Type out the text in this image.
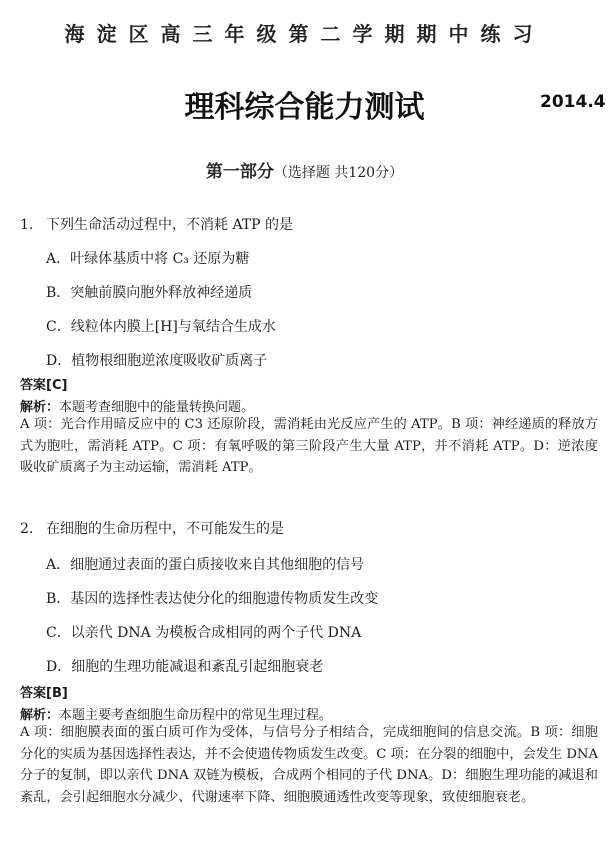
海淀区高三年级第二学期期中练习
理科综合能力测试	2014.4
第一部分（选择题 共120分）
1. 下列生命活动过程中，不消耗 ATP 的是
A．叶绿体基质中将 C₃ 还原为糖
B．突触前膜向胞外释放神经递质
C．线粒体内膜上[H]与氧结合生成水
D．植物根细胞逆浓度吸收矿质离子
答案[C]
解析：本题考查细胞中的能量转换问题。
A 项：光合作用暗反应中的 C3 还原阶段，需消耗由光反应产生的 ATP。B 项：神经递质的释放方式为胞吐，需消耗 ATP。C 项：有氧呼吸的第三阶段产生大量 ATP，并不消耗 ATP。D：逆浓度吸收矿质离子为主动运输，需消耗 ATP。
2. 在细胞的生命历程中，不可能发生的是
A．细胞通过表面的蛋白质接收来自其他细胞的信号
B．基因的选择性表达使分化的细胞遗传物质发生改变
C．以亲代 DNA 为模板合成相同的两个子代 DNA
D．细胞的生理功能减退和紊乱引起细胞衰老
答案[B]
解析：本题主要考查细胞生命历程中的常见生理过程。
A 项：细胞膜表面的蛋白质可作为受体，与信号分子相结合，完成细胞间的信息交流。B 项：细胞分化的实质为基因选择性表达，并不会使遗传物质发生改变。C 项：在分裂的细胞中，会发生 DNA 分子的复制，即以亲代 DNA 双链为模板，合成两个相同的子代 DNA。D：细胞生理功能的减退和紊乱，会引起细胞水分减少、代谢速率下降、细胞膜通透性改变等现象，致使细胞衰老。
